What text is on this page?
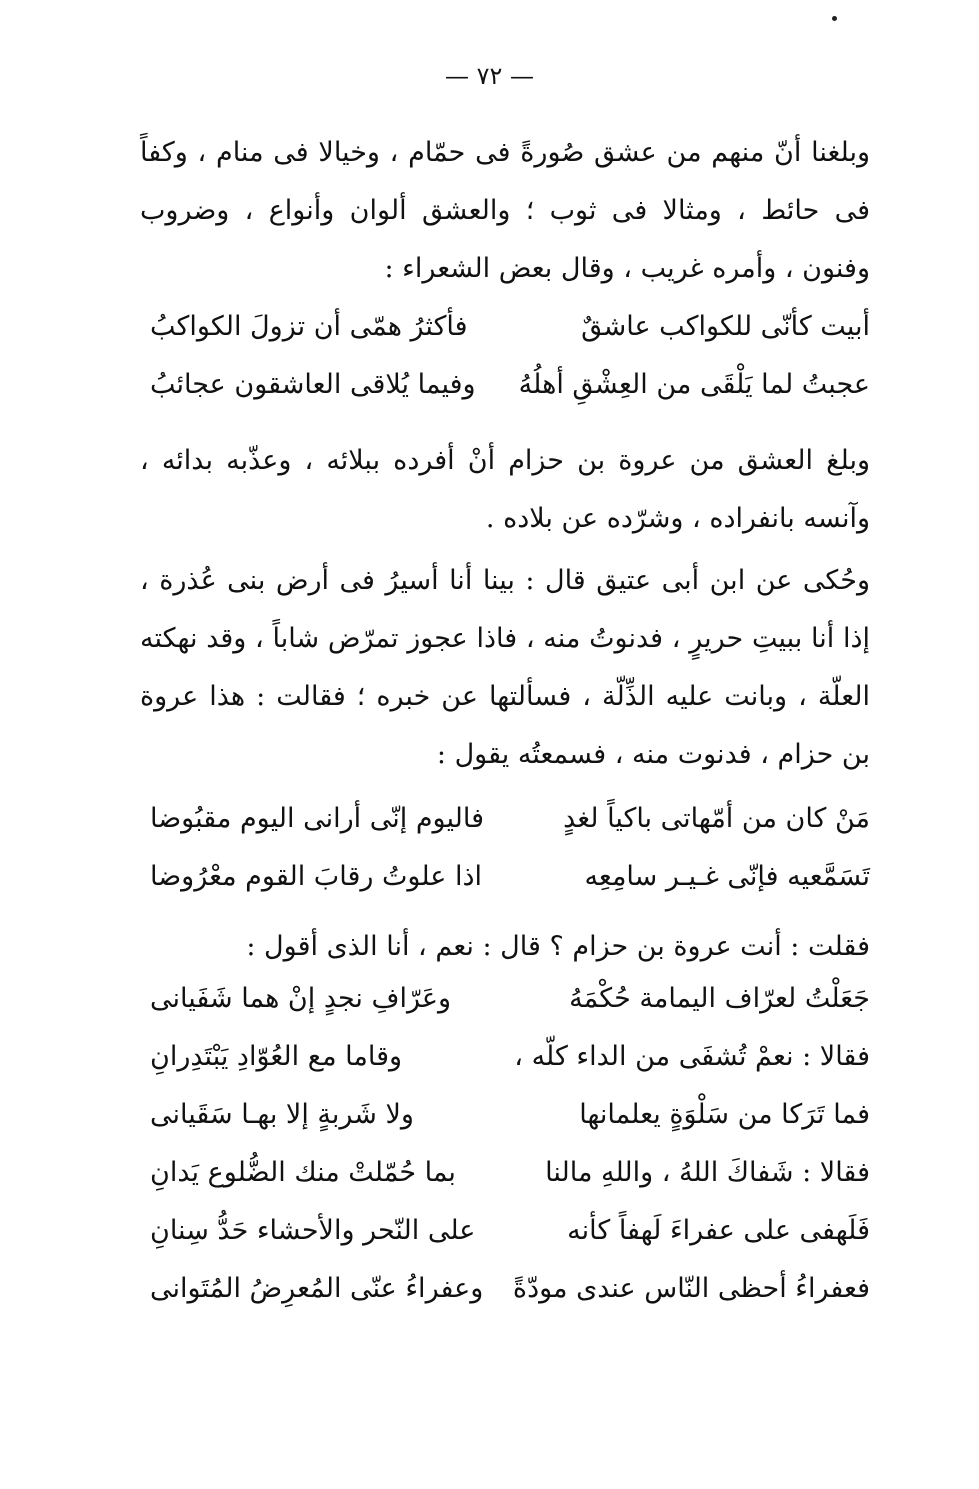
— ٧٢ —
وبلغنا أنّ منهم من عشق صُورةً فى حمّام ، وخيالا فى منام ، وكفاً فى حائط ، ومثالا فى ثوب ؛ والعشق ألوان وأنواع ، وضروب وفنون ، وأمره غريب ، وقال بعض الشعراء :
أبيت كأنّى للكواكب عاشقٌ
فأكثرُ همّى أن تزولَ الكواكبُ
عجبتُ لما يَلْقَى من العِشْقِ أهلُهُ
وفيما يُلاقى العاشقون عجائبُ
وبلغ العشق من عروة بن حزام أنْ أفرده ببلائه ، وعذّبه بدائه ، وآنسه بانفراده ، وشرّده عن بلاده .
وحُكى عن ابن أبى عتيق قال : بينا أنا أسيرُ فى أرض بنى عُذرة ، إذا أنا ببيتِ حريرٍ ، فدنوتُ منه ، فاذا عجوز تمرّض شاباً ، وقد نهكته العلّة ، وبانت عليه الذِّلّة ، فسألتها عن خبره ؛ فقالت : هذا عروة بن حزام ، فدنوت منه ، فسمعتُه يقول :
مَنْ كان من أمّهاتى باكياً لغدٍ
فاليوم إنّى أرانى اليوم مقبُوضا
تَسَمَّعيه فإنّى غـيـر سامِعِه
اذا علوتُ رقابَ القوم معْرُوضا
فقلت : أنت عروة بن حزام ؟ قال : نعم ، أنا الذى أقول :
جَعَلْتُ لعرّاف اليمامة حُكْمَهُ
وعَرّافِ نجدٍ إنْ هما شَفَيانى
فقالا : نعمْ تُشفَى من الداء كلّه ،
وقاما مع العُوّادِ يَبْتَدِرانِ
فما تَرَكا من سَلْوَةٍ يعلمانها
ولا شَربةٍ إلا بهـا سَقَيانى
فقالا : شَفاكَ اللهُ ، واللهِ مالنا
بما حُمّلتْ منك الضُّلوع يَدانِ
فَلَهفى على عفراءَ لَهفاً كأنه
على النّحر والأحشاء حَدُّ سِنانِ
فعفراءُ أحظى النّاس عندى مودّةً
وعفراءُ عنّى المُعرِضُ المُتَوانى
